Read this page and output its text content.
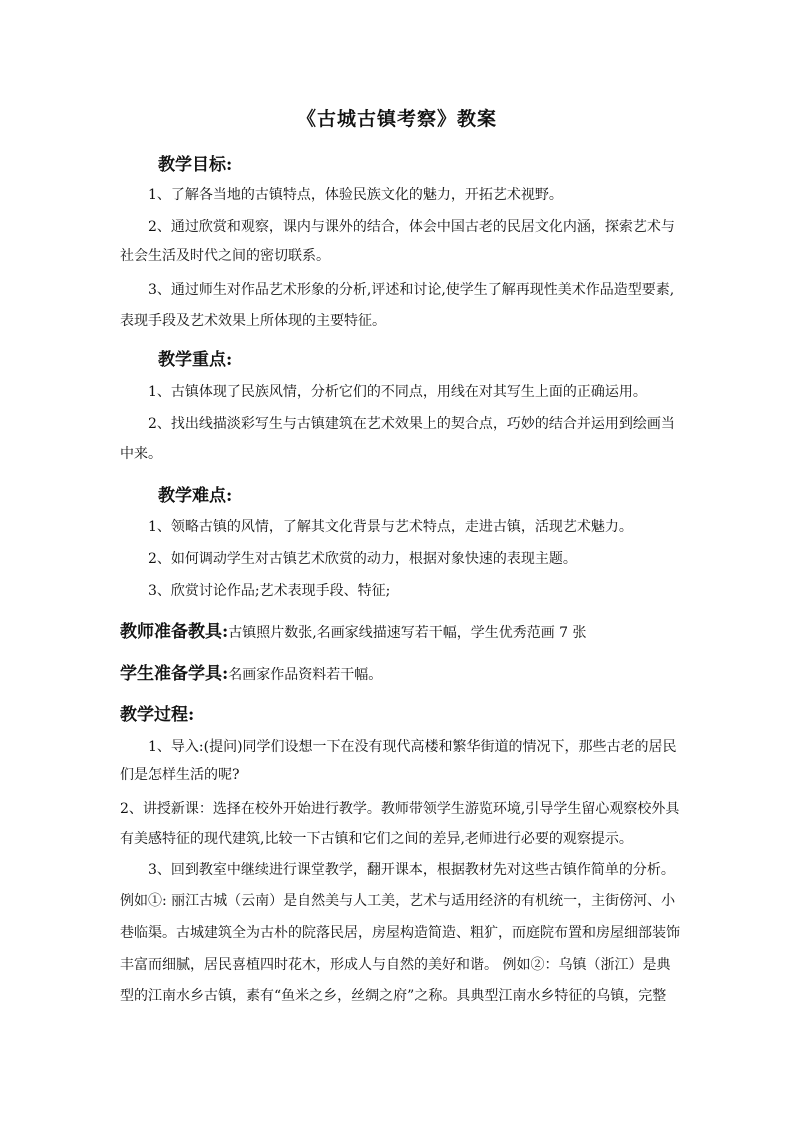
《古城古镇考察》教案
教学目标:
1、了解各当地的古镇特点，体验民族文化的魅力，开拓艺术视野。
2、通过欣赏和观察，课内与课外的结合，体会中国古老的民居文化内涵，探索艺术与
社会生活及时代之间的密切联系。
3、通过师生对作品艺术形象的分析,评述和讨论,使学生了解再现性美术作品造型要素,
表现手段及艺术效果上所体现的主要特征。
教学重点:
1、古镇体现了民族风情，分析它们的不同点，用线在对其写生上面的正确运用。
2、找出线描淡彩写生与古镇建筑在艺术效果上的契合点，巧妙的结合并运用到绘画当
中来。
教学难点:
1、领略古镇的风情，了解其文化背景与艺术特点，走进古镇，活现艺术魅力。
2、如何调动学生对古镇艺术欣赏的动力，根据对象快速的表现主题。
3、欣赏讨论作品;艺术表现手段、特征;
教师准备教具:古镇照片数张,名画家线描速写若干幅，学生优秀范画 7 张
学生准备学具:名画家作品资料若干幅。
教学过程:
1、导入:(提问)同学们设想一下在没有现代高楼和繁华街道的情况下，那些古老的居民
们是怎样生活的呢?
2、讲授新课：选择在校外开始进行教学。教师带领学生游览环境,引导学生留心观察校外具
有美感特征的现代建筑,比较一下古镇和它们之间的差异,老师进行必要的观察提示。
3、回到教室中继续进行课堂教学，翻开课本，根据教材先对这些古镇作简单的分析。
例如①: 丽江古城（云南）是自然美与人工美，艺术与适用经济的有机统一，主街傍河、小
巷临渠。古城建筑全为古朴的院落民居，房屋构造简造、粗犷，而庭院布置和房屋细部装饰
丰富而细腻，居民喜植四时花木，形成人与自然的美好和谐。 例如②：乌镇（浙江）是典
型的江南水乡古镇，素有“鱼米之乡，丝绸之府”之称。具典型江南水乡特征的乌镇，完整
